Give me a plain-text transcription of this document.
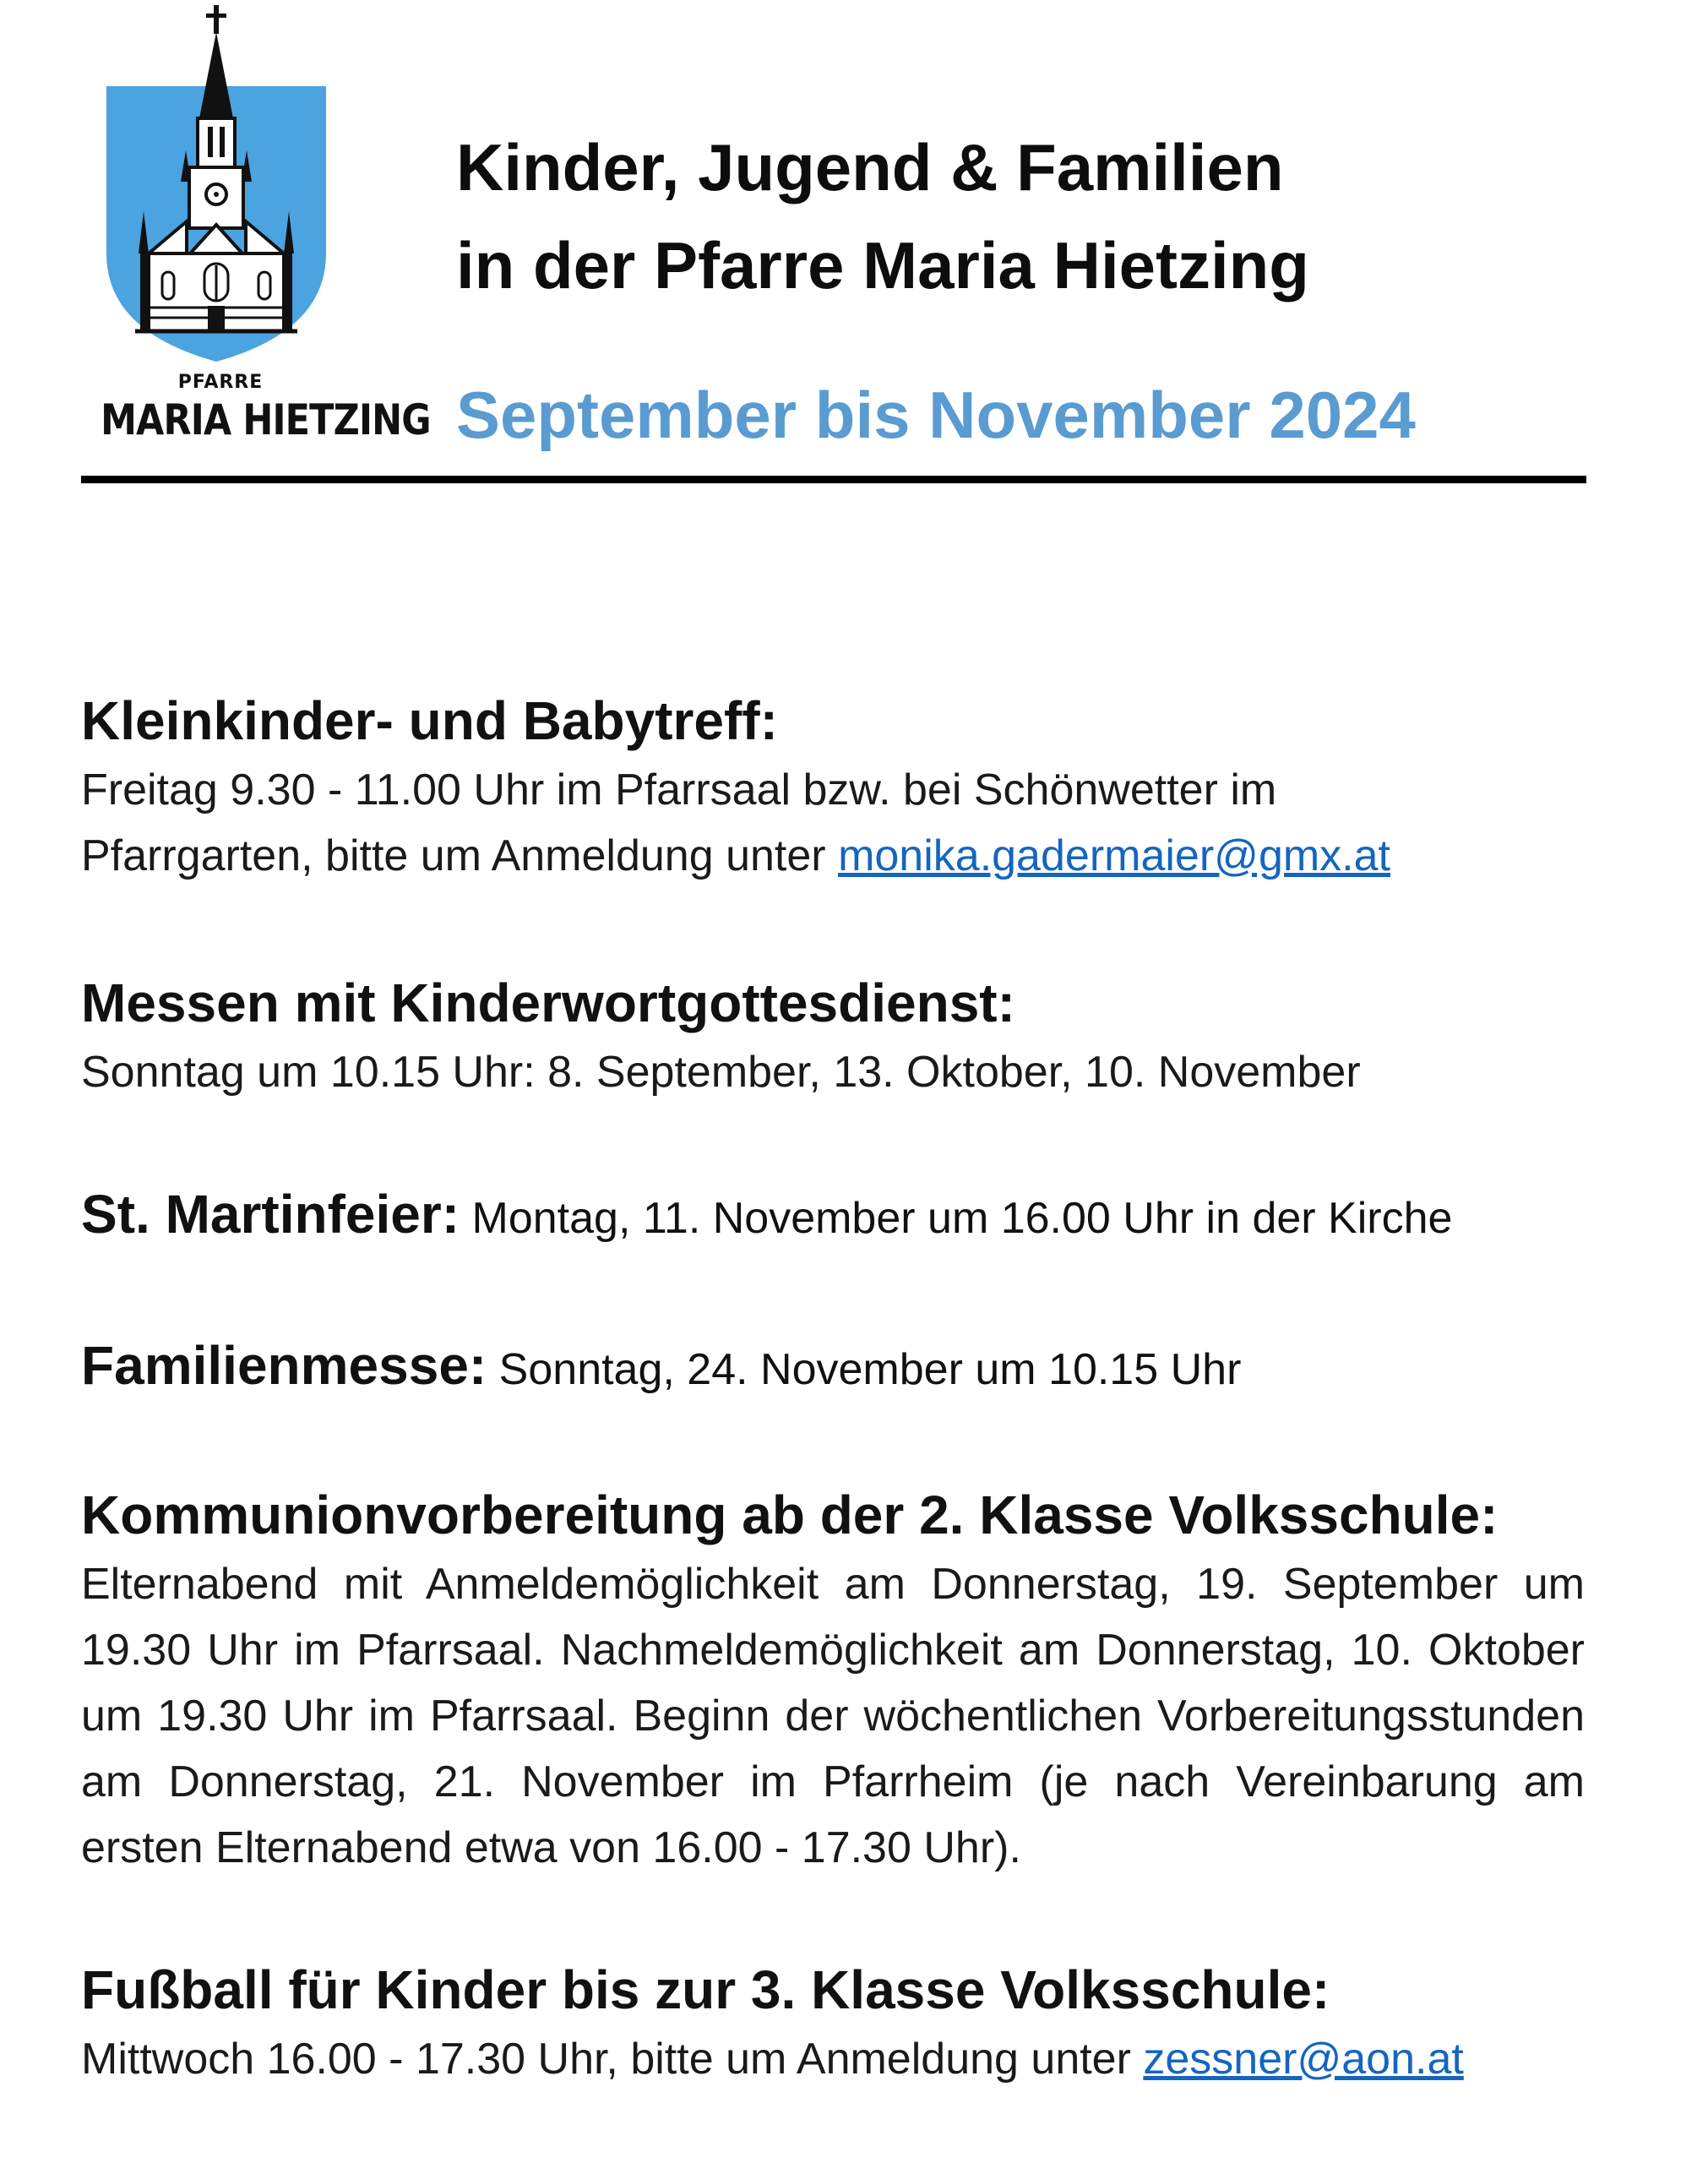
PFARRE
MARIA HIETZING
Kinder, Jugend & Familien
in der Pfarre Maria Hietzing
September bis November 2024

Kleinkinder- und Babytreff:

Freitag 9.30 - 11.00 Uhr im Pfarrsaal bzw. bei Schönwetter im
Pfarrgarten, bitte um Anmeldung unter monika.gadermaier@gmx.at

Messen mit Kinderwortgottesdienst:

Sonntag um 10.15 Uhr: 8. September, 13. Oktober, 10. November

St. Martinfeier: Montag, 11. November um 16.00 Uhr in der Kirche

Familienmesse: Sonntag, 24. November um 10.15 Uhr

Kommunionvorbereitung ab der 2. Klasse Volksschule:

Elternabend mit Anmeldemöglichkeit am Donnerstag, 19. September um 19.30 Uhr im Pfarrsaal. Nachmeldemöglichkeit am Donnerstag, 10. Oktober um 19.30 Uhr im Pfarrsaal. Beginn der wöchentlichen Vorbereitungsstunden am Donnerstag, 21. November im Pfarrheim (je nach Vereinbarung am ersten Elternabend etwa von 16.00 - 17.30 Uhr).

Fußball für Kinder bis zur 3. Klasse Volksschule:

Mittwoch 16.00 - 17.30 Uhr, bitte um Anmeldung unter zessner@aon.at
